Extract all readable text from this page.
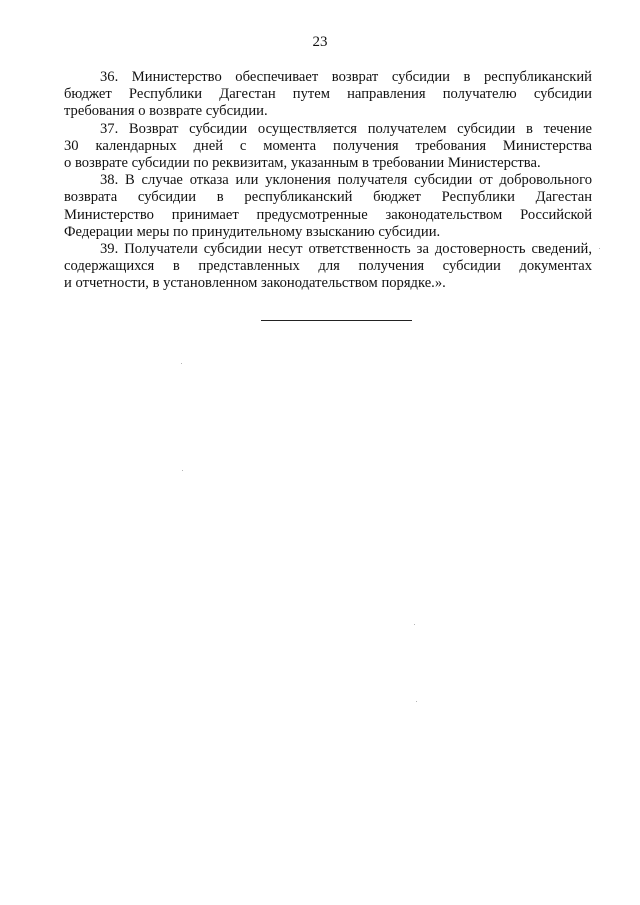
23

36. Министерство обеспечивает возврат субсидии в республиканский
бюджет Республики Дагестан путем направления получателю субсидии
требования о возврате субсидии.

37. Возврат субсидии осуществляется получателем субсидии в течение
30 календарных дней с момента получения требования Министерства
о возврате субсидии по реквизитам, указанным в требовании Министерства.

38. В случае отказа или уклонения получателя субсидии от добровольного
возврата субсидии в республиканский бюджет Республики Дагестан
Министерство принимает предусмотренные законодательством Российской
Федерации меры по принудительному взысканию субсидии.

39. Получатели субсидии несут ответственность за достоверность сведений,
содержащихся в представленных для получения субсидии документах
и отчетности, в установленном законодательством порядке.».
